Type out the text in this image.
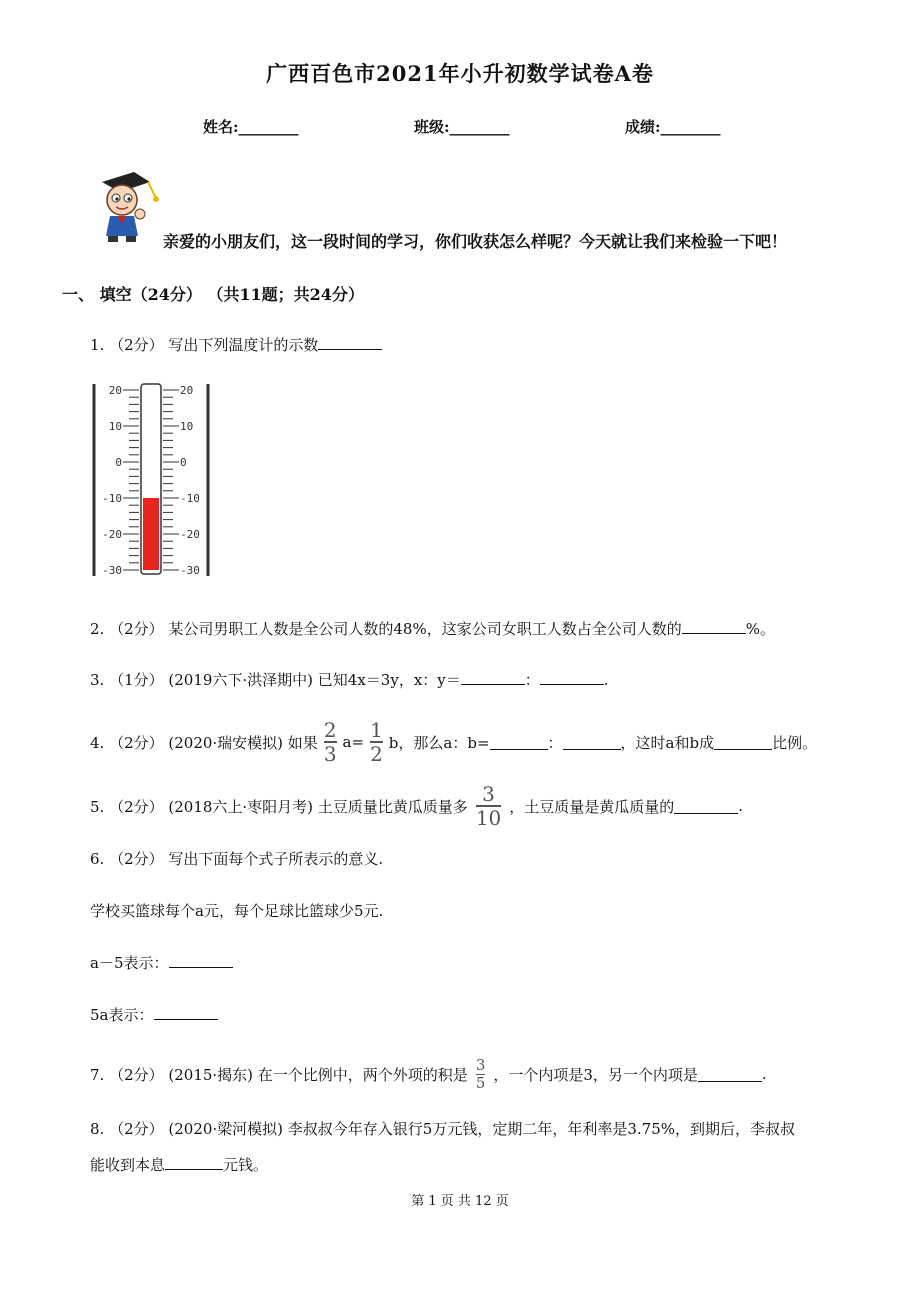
广西百色市2021年小升初数学试卷A卷
姓名:________	班级:________	成绩:________
亲爱的小朋友们，这一段时间的学习，你们收获怎么样呢？今天就让我们来检验一下吧！
一、 填空（24分） （共11题；共24分）
1. （2分） 写出下列温度计的示数
20
10
0
-10
-20
-30
20
10
0
-10
-20
-30
2. （2分） 某公司男职工人数是全公司人数的48%，这家公司女职工人数占全公司人数的	%。
3. （1分） (2019六下·洪泽期中) 已知4x＝3y，x：y＝	：	.
4. （2分） (2020·瑞安模拟) 如果 $\frac{2}{3} a= \frac{1}{2}$ b，那么a：b=	：	，这时a和b成	比例。
5. （2分） (2018六上·枣阳月考) 土豆质量比黄瓜质量多 $\frac{3}{10}$ ，土豆质量是黄瓜质量的	.
6. （2分） 写出下面每个式子所表示的意义.
学校买篮球每个a元，每个足球比篮球少5元.
a－5表示：
5a表示：
7. （2分） (2015·揭东) 在一个比例中，两个外项的积是 $\frac{3}{5}$ ，一个内项是3，另一个内项是	.
8. （2分） (2020·梁河模拟) 李叔叔今年存入银行5万元钱，定期二年，年利率是3.75%，到期后，李叔叔
能收到本息	元钱。
第 1 页 共 12 页
